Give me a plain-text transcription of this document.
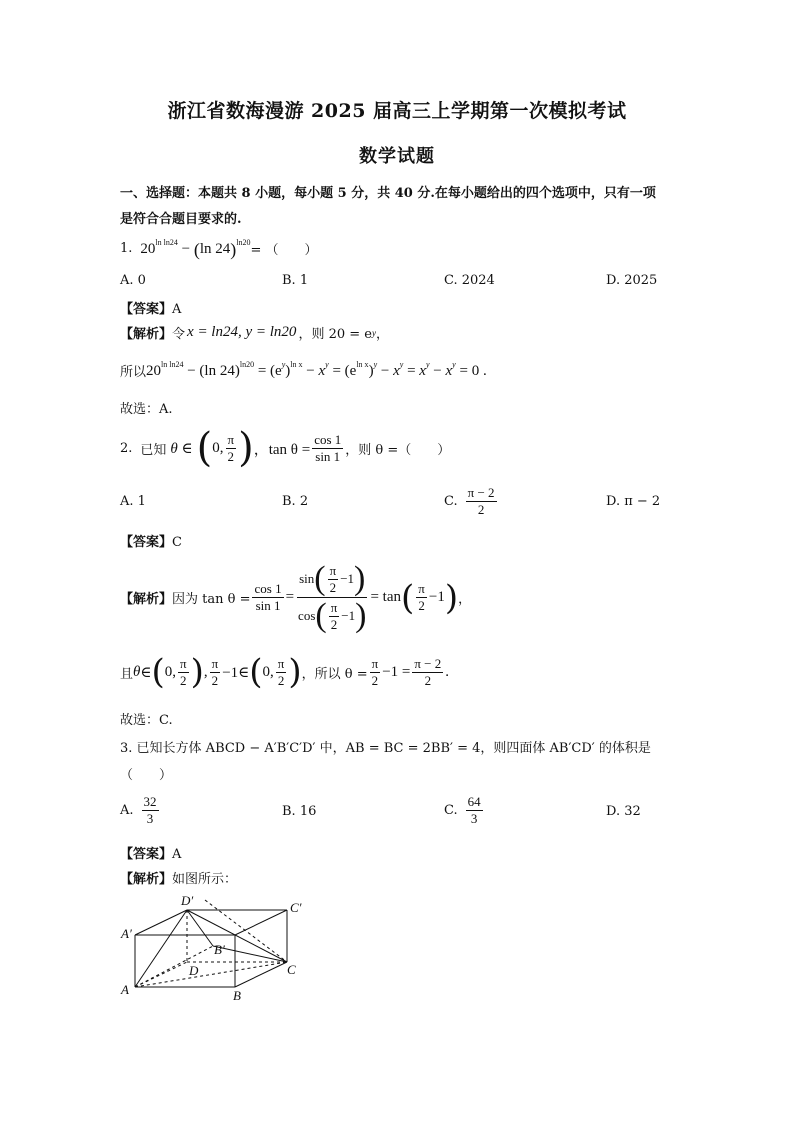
浙江省数海漫游 2025 届高三上学期第一次模拟考试
数学试题
一、选择题：本题共 8 小题，每小题 5 分，共 40 分.在每小题给出的四个选项中，只有一项
是符合合题目要求的.
1. $20^{ln ln24} - (\ln$ 24)$^{ln20}$
= （　　）
A. 0	B. 1	C. 2024	D. 2025
【答案】A
【解析】 令 x = ln24, y = ln20 ，则 20 = e y ，
所以 $20^{ln ln24} - (\ln$ $24)^{ln20} = (e^y)^{ln x} - x^y = (e^{ln x})^y - x^y = x^y - x^y = 0$ .
故选：A.
2. 已知 θ ∈ ( 0, $\frac{\pi}{2}$ ) ，$\tan \theta = \frac{\cos 1}{\sin 1}$ ，则 θ =（　　）
A. 1	B. 2	C. $\frac{\pi - 2}{2}$	D. π − 2
【答案】C
【解析】 因为 $\tan \theta = \frac{\cos 1}{\sin 1} = \frac{\sin ( \frac{\pi}{2} -1 )}{\cos ( \frac{\pi}{2} -1 )} = \tan$ ( $\frac{\pi}{2} -1$ ) ，
且 θ ∈ ( 0, $\frac{\pi}{2}$ ) , $\frac{\pi}{2}$ −1∈ ( 0, $\frac{\pi}{2}$ ) ，所以 $\theta = \frac{\pi}{2} -1 = \frac{\pi - 2}{2}$ .
故选：C.
3. 已知长方体 ABCD − A′B′C′D′ 中，AB = BC = 2BB′ = 4，则四面体 AB′CD′ 的体积是
（　　）
A. $\frac{32}{3}$	B. 16	C. $\frac{64}{3}$	D. 32
【答案】A
【解析】如图所示：
A′
D′	C′
B′
D	C
A	B
